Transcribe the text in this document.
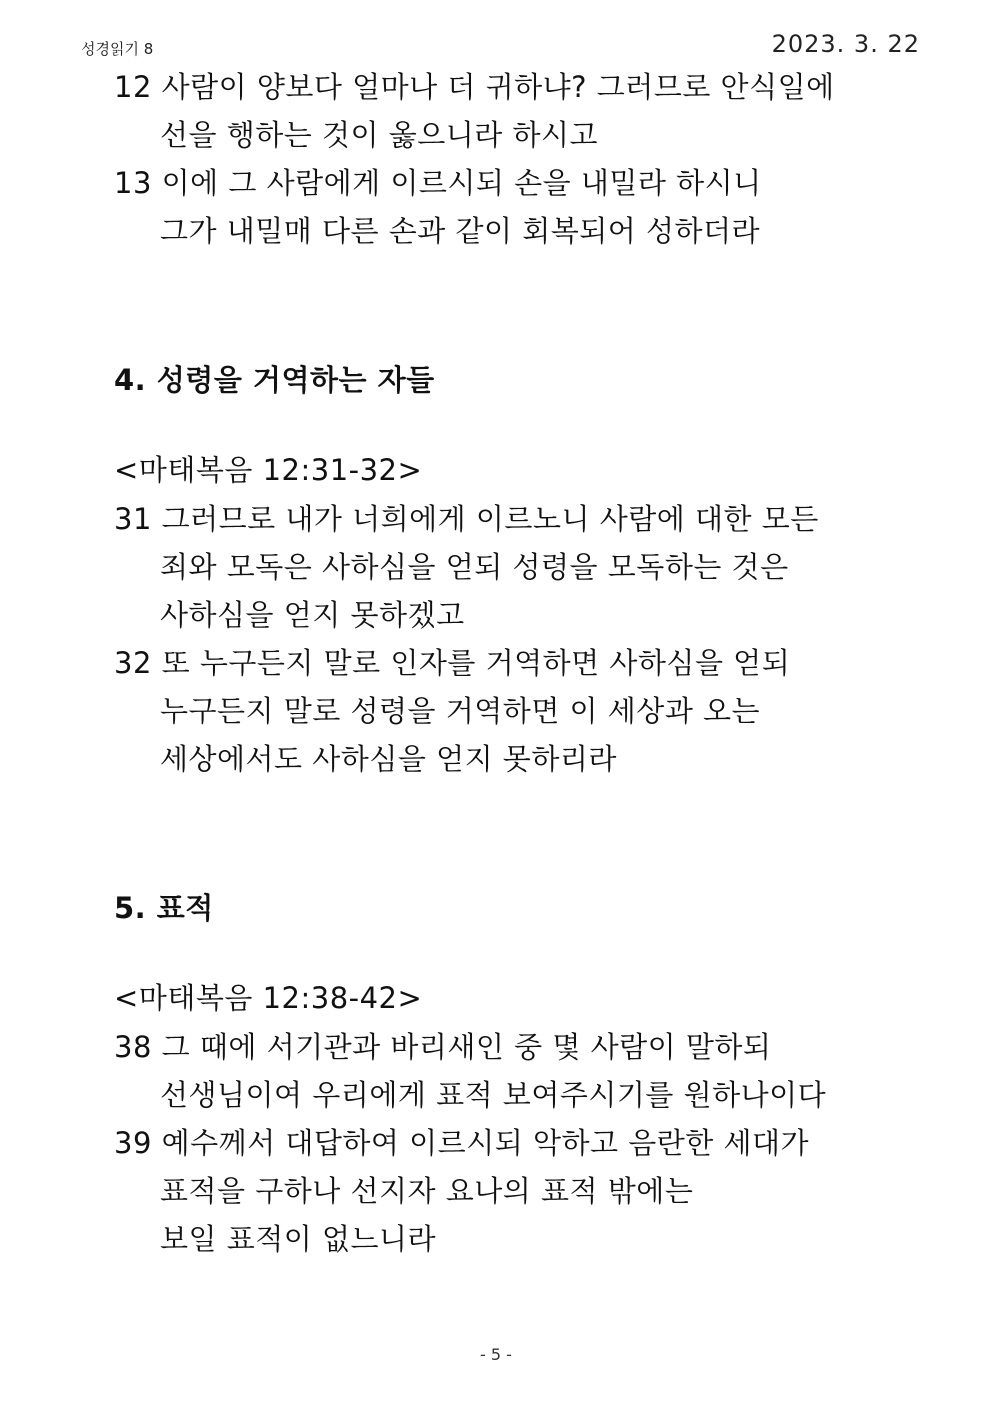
성경읽기 8	2023. 3. 22
12 사람이 양보다 얼마나 더 귀하냐? 그러므로 안식일에
선을 행하는 것이 옳으니라 하시고
13 이에 그 사람에게 이르시되 손을 내밀라 하시니
그가 내밀매 다른 손과 같이 회복되어 성하더라
4. 성령을 거역하는 자들
<마태복음 12:31-32>
31 그러므로 내가 너희에게 이르노니 사람에 대한 모든
죄와 모독은 사하심을 얻되 성령을 모독하는 것은
사하심을 얻지 못하겠고
32 또 누구든지 말로 인자를 거역하면 사하심을 얻되
누구든지 말로 성령을 거역하면 이 세상과 오는
세상에서도 사하심을 얻지 못하리라
5. 표적
<마태복음 12:38-42>
38 그 때에 서기관과 바리새인 중 몇 사람이 말하되
선생님이여 우리에게 표적 보여주시기를 원하나이다
39 예수께서 대답하여 이르시되 악하고 음란한 세대가
표적을 구하나 선지자 요나의 표적 밖에는
보일 표적이 없느니라
- 5 -
